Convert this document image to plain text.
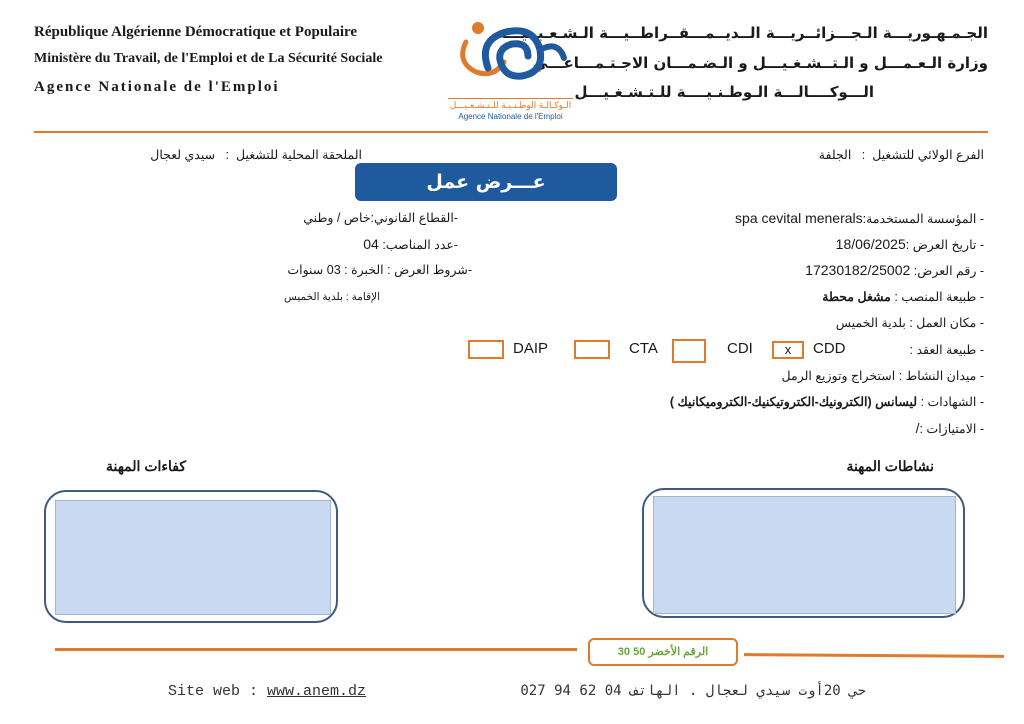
République Algérienne Démocratique et Populaire
Ministère du Travail, de l'Emploi et de La Sécurité Sociale
Agence Nationale de l'Emploi
الجـمـهـوريـــة الـجـــزائــريـــة الــديــمـــقــراطــيـــة الـشـعـبــيـــة
وزارة الـعـمـــل و الـتــشـغـيـــل و الـضـمـــان الاجـتـمـــاعـــي
الـــوكــــالـــة الـوطـنـيــــة للـتـشـغـيـــل
الـوكـالـة الوطـنـيـة للـتـشـغـيـــل
Agence Nationale de l'Emploi
الفرع الولائي للتشغيل  :   الجلفة
الملحقة المحلية للتشغيل  :   سيدي لعجال
عـــرض عمل
- المؤسسة المستخدمة:spa cevital menerals
- تاريخ العرض :18/06/2025
- رقم العرض: 17230182/25002
- طبيعة المنصب : مشغل محطة
- مكان العمل : بلدية الخميس
- طبيعة العقد :
x	CDD
CDI
CTA
DAIP
- ميدان النشاط : استخراج وتوزيع الرمل
- الشهادات : ليسانس (الكترونيك-الكتروتيكنيك-الكتروميكانيك )
- الامتيازات :/
-القطاع القانوني:خاص / وطني
-عدد المناصب: 04
-شروط العرض : الخبرة : 03 سنوات
الإقامة : بلدية الخميس
نشاطات المهنة
كفاءات المهنة
الرقم الأخضر 50 30
Site web : www.anem.dz	حي 20أوت سيدي لعجال . الهاتف 04 62 94 027
